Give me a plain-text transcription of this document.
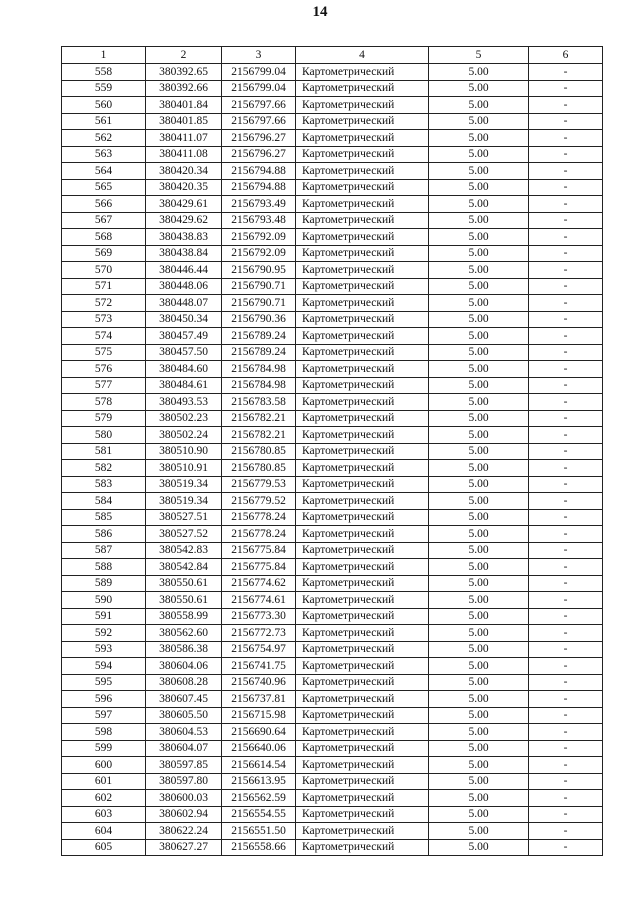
14
1	2	3	4	5	6
558	380392.65	2156799.04	Картометрический	5.00	-
559	380392.66	2156799.04	Картометрический	5.00	-
560	380401.84	2156797.66	Картометрический	5.00	-
561	380401.85	2156797.66	Картометрический	5.00	-
562	380411.07	2156796.27	Картометрический	5.00	-
563	380411.08	2156796.27	Картометрический	5.00	-
564	380420.34	2156794.88	Картометрический	5.00	-
565	380420.35	2156794.88	Картометрический	5.00	-
566	380429.61	2156793.49	Картометрический	5.00	-
567	380429.62	2156793.48	Картометрический	5.00	-
568	380438.83	2156792.09	Картометрический	5.00	-
569	380438.84	2156792.09	Картометрический	5.00	-
570	380446.44	2156790.95	Картометрический	5.00	-
571	380448.06	2156790.71	Картометрический	5.00	-
572	380448.07	2156790.71	Картометрический	5.00	-
573	380450.34	2156790.36	Картометрический	5.00	-
574	380457.49	2156789.24	Картометрический	5.00	-
575	380457.50	2156789.24	Картометрический	5.00	-
576	380484.60	2156784.98	Картометрический	5.00	-
577	380484.61	2156784.98	Картометрический	5.00	-
578	380493.53	2156783.58	Картометрический	5.00	-
579	380502.23	2156782.21	Картометрический	5.00	-
580	380502.24	2156782.21	Картометрический	5.00	-
581	380510.90	2156780.85	Картометрический	5.00	-
582	380510.91	2156780.85	Картометрический	5.00	-
583	380519.34	2156779.53	Картометрический	5.00	-
584	380519.34	2156779.52	Картометрический	5.00	-
585	380527.51	2156778.24	Картометрический	5.00	-
586	380527.52	2156778.24	Картометрический	5.00	-
587	380542.83	2156775.84	Картометрический	5.00	-
588	380542.84	2156775.84	Картометрический	5.00	-
589	380550.61	2156774.62	Картометрический	5.00	-
590	380550.61	2156774.61	Картометрический	5.00	-
591	380558.99	2156773.30	Картометрический	5.00	-
592	380562.60	2156772.73	Картометрический	5.00	-
593	380586.38	2156754.97	Картометрический	5.00	-
594	380604.06	2156741.75	Картометрический	5.00	-
595	380608.28	2156740.96	Картометрический	5.00	-
596	380607.45	2156737.81	Картометрический	5.00	-
597	380605.50	2156715.98	Картометрический	5.00	-
598	380604.53	2156690.64	Картометрический	5.00	-
599	380604.07	2156640.06	Картометрический	5.00	-
600	380597.85	2156614.54	Картометрический	5.00	-
601	380597.80	2156613.95	Картометрический	5.00	-
602	380600.03	2156562.59	Картометрический	5.00	-
603	380602.94	2156554.55	Картометрический	5.00	-
604	380622.24	2156551.50	Картометрический	5.00	-
605	380627.27	2156558.66	Картометрический	5.00	-
